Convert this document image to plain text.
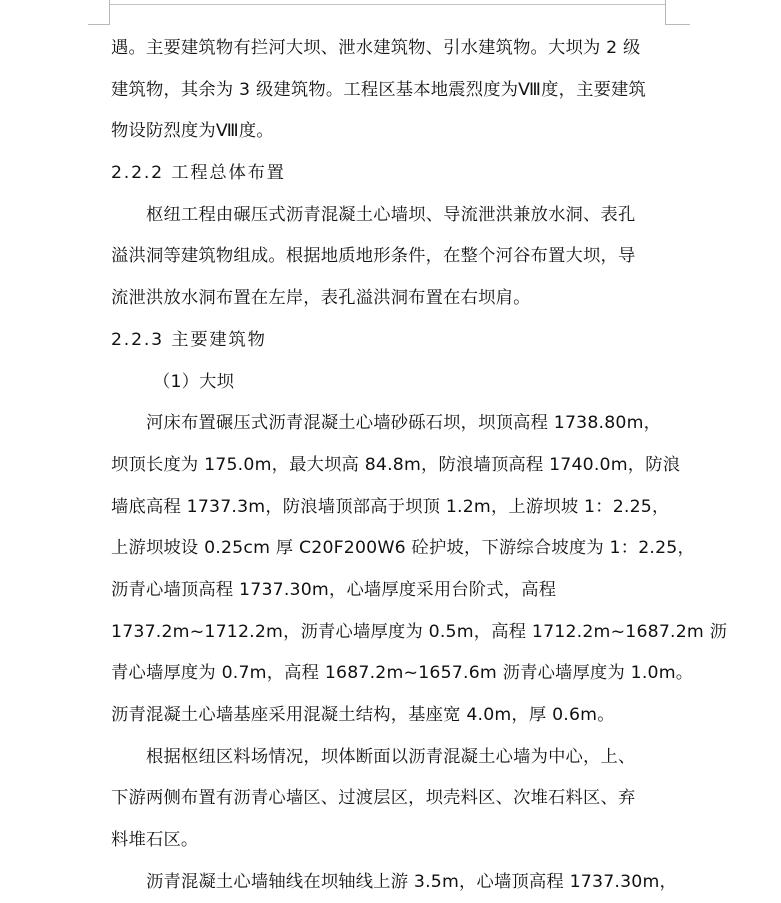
遇。主要建筑物有拦河大坝、泄水建筑物、引水建筑物。大坝为 2 级
建筑物，其余为 3 级建筑物。工程区基本地震烈度为Ⅷ度，主要建筑
物设防烈度为Ⅷ度。
2.2.2 工程总体布置
枢纽工程由碾压式沥青混凝土心墙坝、导流泄洪兼放水洞、表孔
溢洪洞等建筑物组成。根据地质地形条件，在整个河谷布置大坝，导
流泄洪放水洞布置在左岸，表孔溢洪洞布置在右坝肩。
2.2.3 主要建筑物
（1）大坝
河床布置碾压式沥青混凝土心墙砂砾石坝，坝顶高程 1738.80m，
坝顶长度为 175.0m，最大坝高 84.8m，防浪墙顶高程 1740.0m，防浪
墙底高程 1737.3m，防浪墙顶部高于坝顶 1.2m，上游坝坡 1：2.25，
上游坝坡设 0.25cm 厚 C20F200W6 砼护坡，下游综合坡度为 1：2.25，
沥青心墙顶高程 1737.30m，心墙厚度采用台阶式，高程
1737.2m~1712.2m，沥青心墙厚度为 0.5m，高程 1712.2m~1687.2m 沥
青心墙厚度为 0.7m，高程 1687.2m~1657.6m 沥青心墙厚度为 1.0m。
沥青混凝土心墙基座采用混凝土结构，基座宽 4.0m，厚 0.6m。
根据枢纽区料场情况，坝体断面以沥青混凝土心墙为中心，上、
下游两侧布置有沥青心墙区、过渡层区，坝壳料区、次堆石料区、弃
料堆石区。
沥青混凝土心墙轴线在坝轴线上游 3.5m，心墙顶高程 1737.30m，
